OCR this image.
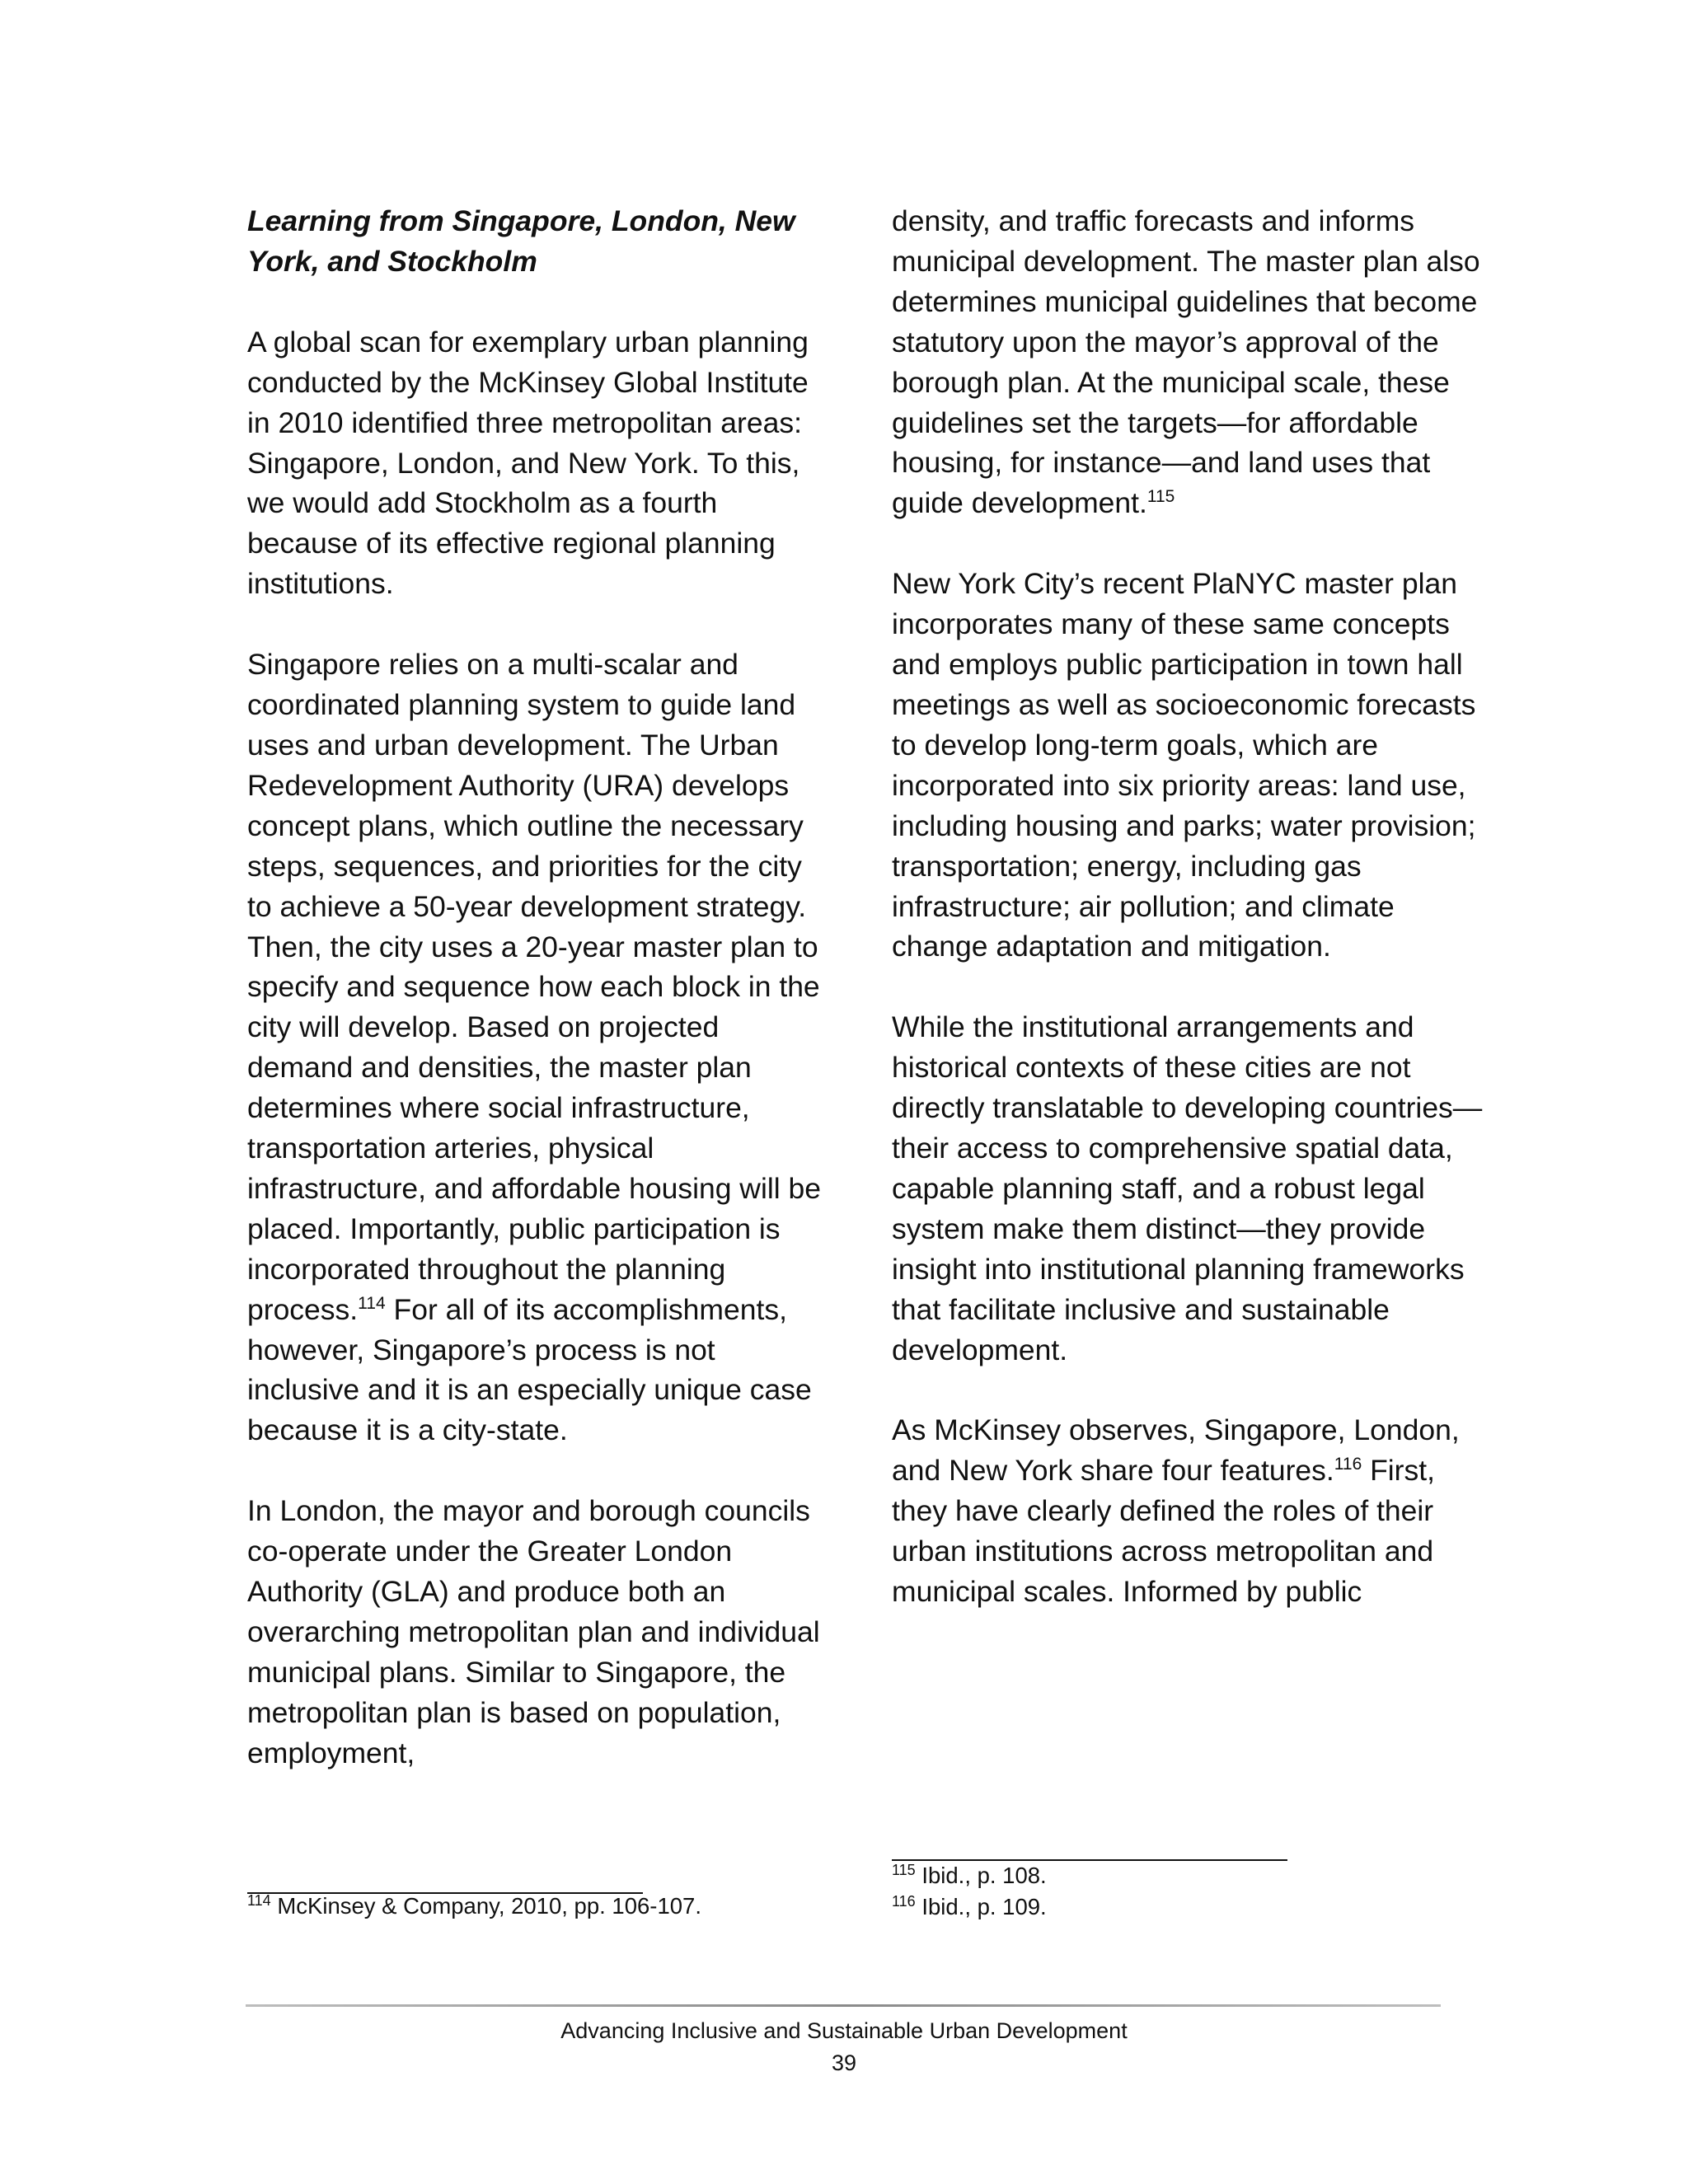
Learning from Singapore, London, New York, and Stockholm

A global scan for exemplary urban planning conducted by the McKinsey Global Institute in 2010 identified three metropolitan areas: Singapore, London, and New York. To this, we would add Stockholm as a fourth because of its effective regional planning institutions.

Singapore relies on a multi-scalar and coordinated planning system to guide land uses and urban development. The Urban Redevelopment Authority (URA) develops concept plans, which outline the necessary steps, sequences, and priorities for the city to achieve a 50-year development strategy. Then, the city uses a 20-year master plan to specify and sequence how each block in the city will develop. Based on projected demand and densities, the master plan determines where social infrastructure, transportation arteries, physical infrastructure, and affordable housing will be placed. Importantly, public participation is incorporated throughout the planning process.$^{114}$ For all of its accomplishments, however, Singapore’s process is not inclusive and it is an especially unique case because it is a city-state.

In London, the mayor and borough councils co-operate under the Greater London Authority (GLA) and produce both an overarching metropolitan plan and individual municipal plans. Similar to Singapore, the metropolitan plan is based on population, employment,

density, and traffic forecasts and informs municipal development. The master plan also determines municipal guidelines that become statutory upon the mayor’s approval of the borough plan. At the municipal scale, these guidelines set the targets—for affordable housing, for instance—and land uses that guide development.$^{115}$

New York City’s recent PlaNYC master plan incorporates many of these same concepts and employs public participation in town hall meetings as well as socioeconomic forecasts to develop long-term goals, which are incorporated into six priority areas: land use, including housing and parks; water provision; transportation; energy, including gas infrastructure; air pollution; and climate change adaptation and mitigation.

While the institutional arrangements and historical contexts of these cities are not directly translatable to developing countries—their access to comprehensive spatial data, capable planning staff, and a robust legal system make them distinct—they provide insight into institutional planning frameworks that facilitate inclusive and sustainable development.

As McKinsey observes, Singapore, London, and New York share four features.$^{116}$ First, they have clearly defined the roles of their urban institutions across metropolitan and municipal scales. Informed by public

$^{114}$ McKinsey & Company, 2010, pp. 106-107.
$^{115}$ Ibid., p. 108.
$^{116}$ Ibid., p. 109.
Advancing Inclusive and Sustainable Urban Development
39
